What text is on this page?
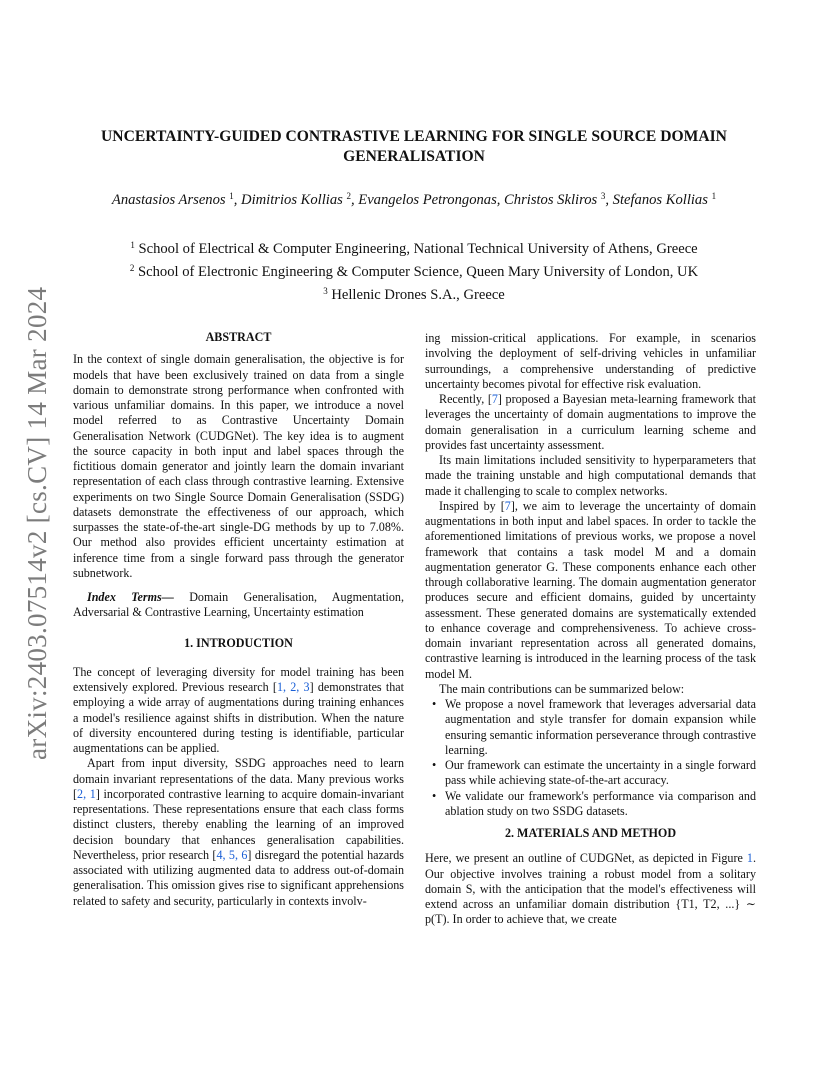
arXiv:2403.07514v2 [cs.CV] 14 Mar 2024
UNCERTAINTY-GUIDED CONTRASTIVE LEARNING FOR SINGLE SOURCE DOMAIN
GENERALISATION
Anastasios Arsenos $^1$, Dimitrios Kollias $^2$, Evangelos Petrongonas, Christos Skliros $^3$, Stefanos Kollias $^1$
$^1$ School of Electrical & Computer Engineering, National Technical University of Athens, Greece
$^2$ School of Electronic Engineering & Computer Science, Queen Mary University of London, UK
$^3$ Hellenic Drones S.A., Greece
ABSTRACT

In the context of single domain generalisation, the objective is for models that have been exclusively trained on data from a single domain to demonstrate strong performance when confronted with various unfamiliar domains. In this paper, we introduce a novel model referred to as Contrastive Uncertainty Domain Generalisation Network (CUDGNet). The key idea is to augment the source capacity in both input and label spaces through the fictitious domain generator and jointly learn the domain invariant representation of each class through contrastive learning. Extensive experiments on two Single Source Domain Generalisation (SSDG) datasets demonstrate the effectiveness of our approach, which surpasses the state-of-the-art single-DG methods by up to 7.08%. Our method also provides efficient uncertainty estimation at inference time from a single forward pass through the generator subnetwork.

Index Terms— Domain Generalisation, Augmentation, Adversarial & Contrastive Learning, Uncertainty estimation

1. INTRODUCTION

The concept of leveraging diversity for model training has been extensively explored. Previous research [1, 2, 3] demonstrates that employing a wide array of augmentations during training enhances a model's resilience against shifts in distribution. When the nature of diversity encountered during testing is identifiable, particular augmentations can be applied.

Apart from input diversity, SSDG approaches need to learn domain invariant representations of the data. Many previous works [2, 1] incorporated contrastive learning to acquire domain-invariant representations. These representations ensure that each class forms distinct clusters, thereby enabling the learning of an improved decision boundary that enhances generalisation capabilities. Nevertheless, prior research [4, 5, 6] disregard the potential hazards associated with utilizing augmented data to address out-of-domain generalisation. This omission gives rise to significant apprehensions related to safety and security, particularly in contexts involv-

ing mission-critical applications. For example, in scenarios involving the deployment of self-driving vehicles in unfamiliar surroundings, a comprehensive understanding of predictive uncertainty becomes pivotal for effective risk evaluation.

Recently, [7] proposed a Bayesian meta-learning framework that leverages the uncertainty of domain augmentations to improve the domain generalisation in a curriculum learning scheme and provides fast uncertainty assessment.

Its main limitations included sensitivity to hyperparameters that made the training unstable and high computational demands that made it challenging to scale to complex networks.

Inspired by [7], we aim to leverage the uncertainty of domain augmentations in both input and label spaces. In order to tackle the aforementioned limitations of previous works, we propose a novel framework that contains a task model M and a domain augmentation generator G. These components enhance each other through collaborative learning. The domain augmentation generator produces secure and efficient domains, guided by uncertainty assessment. These generated domains are systematically extended to enhance coverage and comprehensiveness. To achieve cross-domain invariant representation across all generated domains, contrastive learning is introduced in the learning process of the task model M.

The main contributions can be summarized below:

• We propose a novel framework that leverages adversarial data augmentation and style transfer for domain expansion while ensuring semantic information perseverance through contrastive learning.
• Our framework can estimate the uncertainty in a single forward pass while achieving state-of-the-art accuracy.
• We validate our framework's performance via comparison and ablation study on two SSDG datasets.
2. MATERIALS AND METHOD

Here, we present an outline of CUDGNet, as depicted in Figure 1. Our objective involves training a robust model from a solitary domain S, with the anticipation that the model's effectiveness will extend across an unfamiliar domain distribution {T1, T2, ...} ∼ p(T). In order to achieve that, we create
